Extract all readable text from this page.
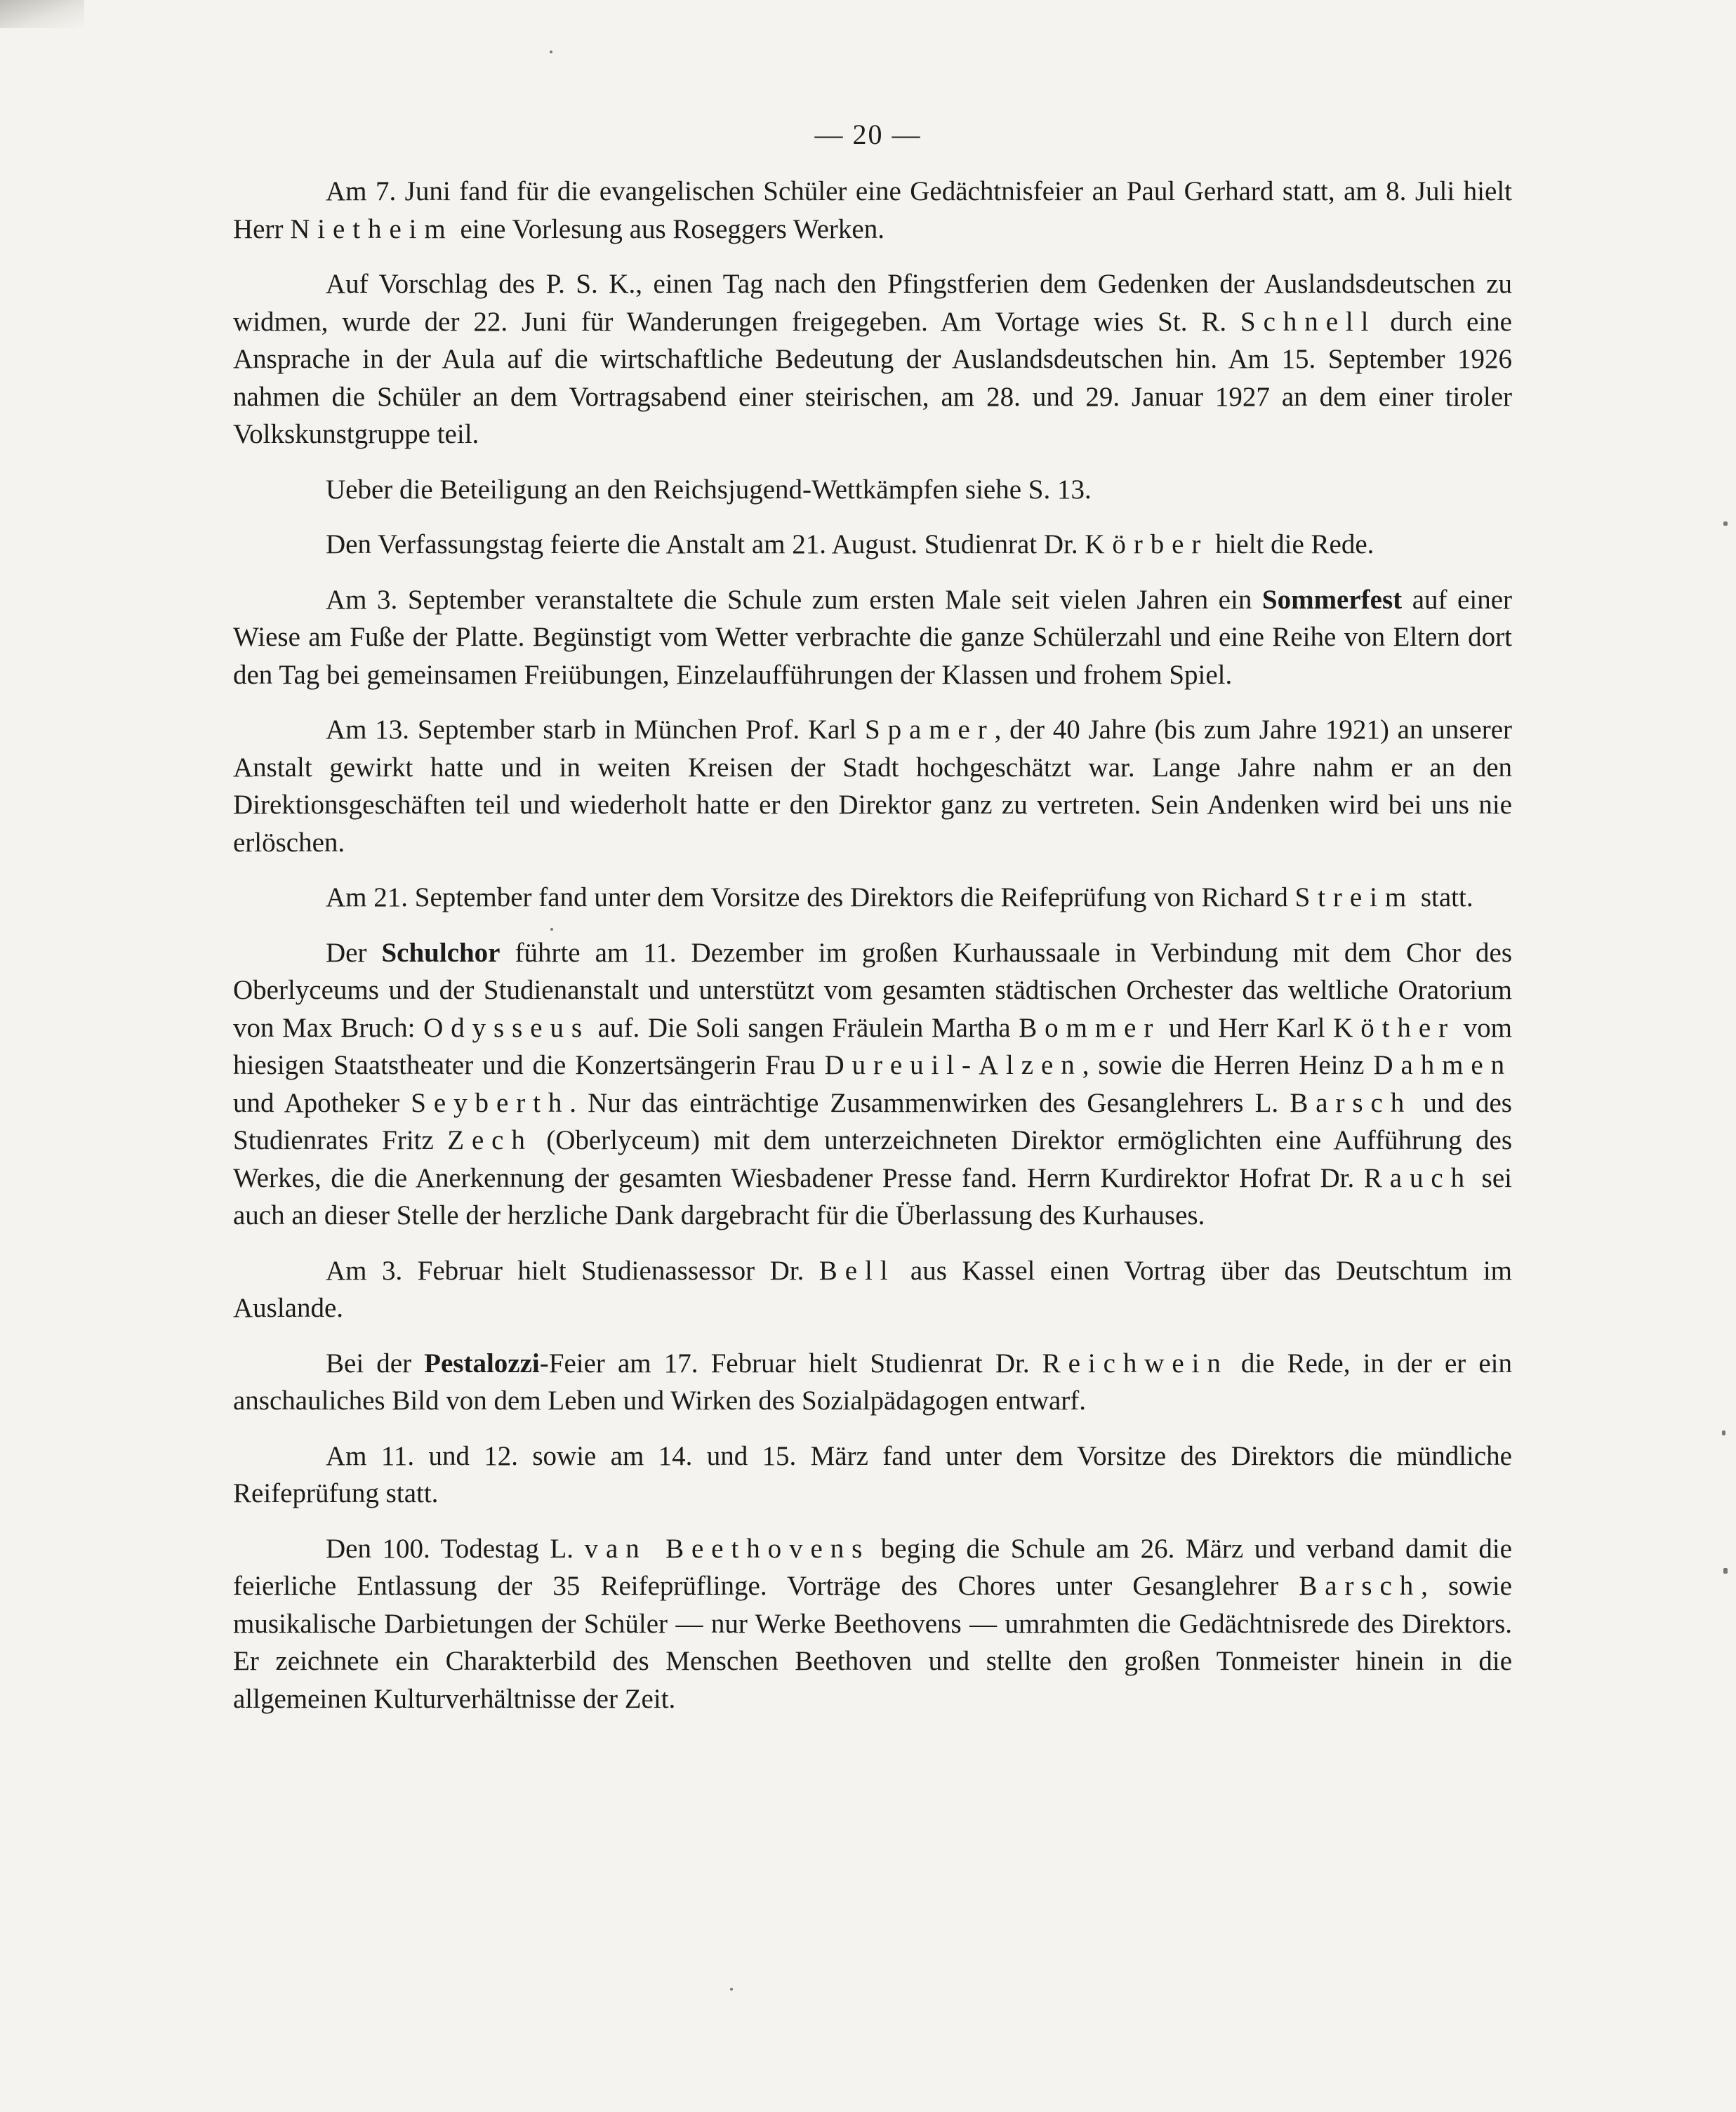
— 20 —

Am 7. Juni fand für die evangelischen Schüler eine Gedächtnisfeier an Paul Gerhard statt, am 8. Juli hielt Herr Nietheim eine Vorlesung aus Roseggers Werken.

Auf Vorschlag des P. S. K., einen Tag nach den Pfingstferien dem Gedenken der Auslandsdeutschen zu widmen, wurde der 22. Juni für Wanderungen freigegeben. Am Vortage wies St. R. Schnell durch eine Ansprache in der Aula auf die wirtschaftliche Bedeutung der Auslandsdeutschen hin. Am 15. September 1926 nahmen die Schüler an dem Vortragsabend einer steirischen, am 28. und 29. Januar 1927 an dem einer tiroler Volkskunstgruppe teil.

Ueber die Beteiligung an den Reichsjugend-Wettkämpfen siehe S. 13.

Den Verfassungstag feierte die Anstalt am 21. August. Studienrat Dr. Körber hielt die Rede.

Am 3. September veranstaltete die Schule zum ersten Male seit vielen Jahren ein Sommerfest auf einer Wiese am Fuße der Platte. Begünstigt vom Wetter verbrachte die ganze Schülerzahl und eine Reihe von Eltern dort den Tag bei gemeinsamen Freiübungen, Einzelaufführungen der Klassen und frohem Spiel.

Am 13. September starb in München Prof. Karl Spamer, der 40 Jahre (bis zum Jahre 1921) an unserer Anstalt gewirkt hatte und in weiten Kreisen der Stadt hochgeschätzt war. Lange Jahre nahm er an den Direktionsgeschäften teil und wiederholt hatte er den Direktor ganz zu vertreten. Sein Andenken wird bei uns nie erlöschen.

Am 21. September fand unter dem Vorsitze des Direktors die Reifeprüfung von Richard Streim statt.

Der Schulchor führte am 11. Dezember im großen Kurhaussaale in Verbindung mit dem Chor des Oberlyceums und der Studienanstalt und unterstützt vom gesamten städtischen Orchester das weltliche Oratorium von Max Bruch: Odysseus auf. Die Soli sangen Fräulein Martha Bommer und Herr Karl Köther vom hiesigen Staatstheater und die Konzertsängerin Frau Dureuil-Alzen, sowie die Herren Heinz Dahmen und Apotheker Seyberth. Nur das einträchtige Zusammenwirken des Gesanglehrers L. Barsch und des Studienrates Fritz Zech (Oberlyceum) mit dem unterzeichneten Direktor ermöglichten eine Aufführung des Werkes, die die Anerkennung der gesamten Wiesbadener Presse fand. Herrn Kurdirektor Hofrat Dr. Rauch sei auch an dieser Stelle der herzliche Dank dargebracht für die Überlassung des Kurhauses.

Am 3. Februar hielt Studienassessor Dr. Bell aus Kassel einen Vortrag über das Deutschtum im Auslande.

Bei der Pestalozzi-Feier am 17. Februar hielt Studienrat Dr. Reichwein die Rede, in der er ein anschauliches Bild von dem Leben und Wirken des Sozialpädagogen entwarf.

Am 11. und 12. sowie am 14. und 15. März fand unter dem Vorsitze des Direktors die mündliche Reifeprüfung statt.

Den 100. Todestag L. van Beethovens beging die Schule am 26. März und verband damit die feierliche Entlassung der 35 Reifeprüflinge. Vorträge des Chores unter Gesanglehrer Barsch, sowie musikalische Darbietungen der Schüler — nur Werke Beethovens — umrahmten die Gedächtnisrede des Direktors. Er zeichnete ein Charakterbild des Menschen Beethoven und stellte den großen Tonmeister hinein in die allgemeinen Kulturverhältnisse der Zeit.
